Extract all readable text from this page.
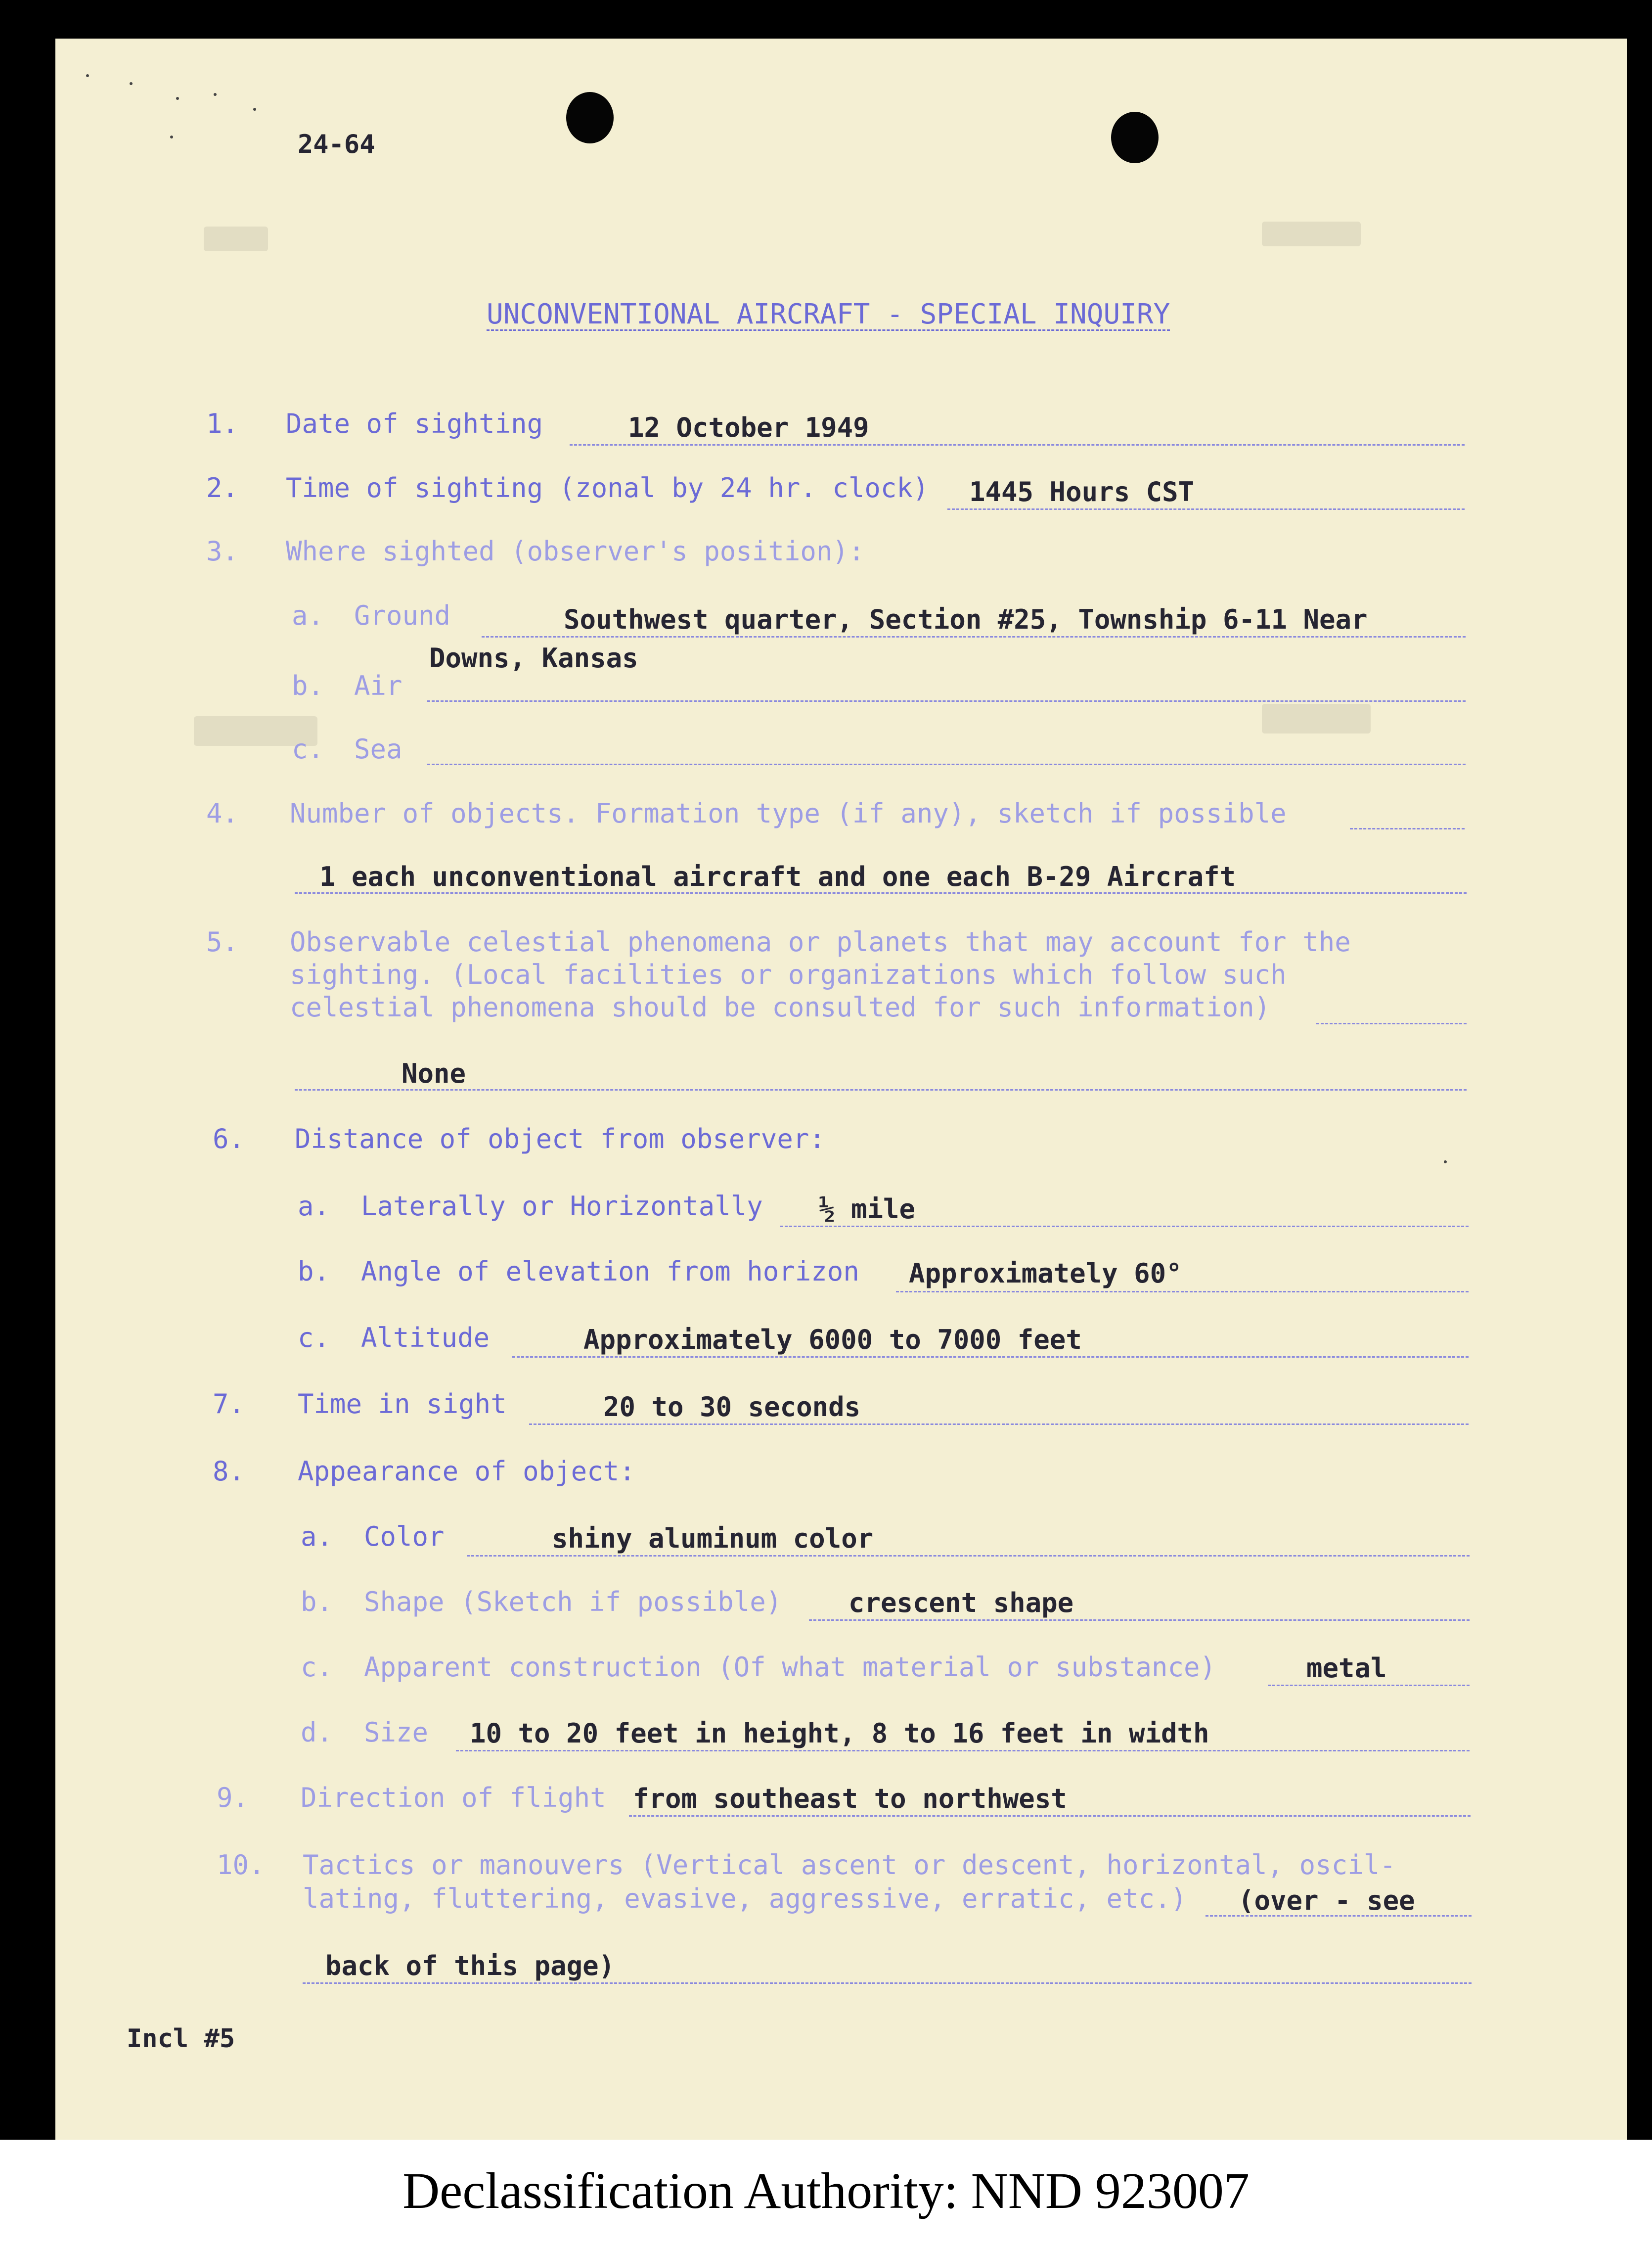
24-64
UNCONVENTIONAL AIRCRAFT - SPECIAL INQUIRY
1. Date of sighting	12 October 1949
2. Time of sighting (zonal by 24 hr. clock) 1445 Hours CST
3. Where sighted (observer's position):
a. Ground	Southwest quarter, Section #25, Township 6-11 Near
Downs, Kansas
b. Air
c. Sea
4. Number of objects. Formation type (if any), sketch if possible
1 each unconventional aircraft and one each B-29 Aircraft
5. Observable celestial phenomena or planets that may account for the
sighting. (Local facilities or organizations which follow such
celestial phenomena should be consulted for such information)
None
6. Distance of object from observer:
a. Laterally or Horizontally ½ mile
b. Angle of elevation from horizon Approximately 60°
c. Altitude	Approximately 6000 to 7000 feet
7. Time in sight	20 to 30 seconds
8. Appearance of object:
a. Color	shiny aluminum color
b. Shape (Sketch if possible) crescent shape
c. Apparent construction (Of what material or substance)	metal
d. Size 10 to 20 feet in height, 8 to 16 feet in width
9. Direction of flight from southeast to northwest
10. Tactics or manouvers (Vertical ascent or descent, horizontal, oscil-
lating, fluttering, evasive, aggressive, erratic, etc.) (over - see
back of this page)
Incl #5
Declassification Authority: NND 923007
